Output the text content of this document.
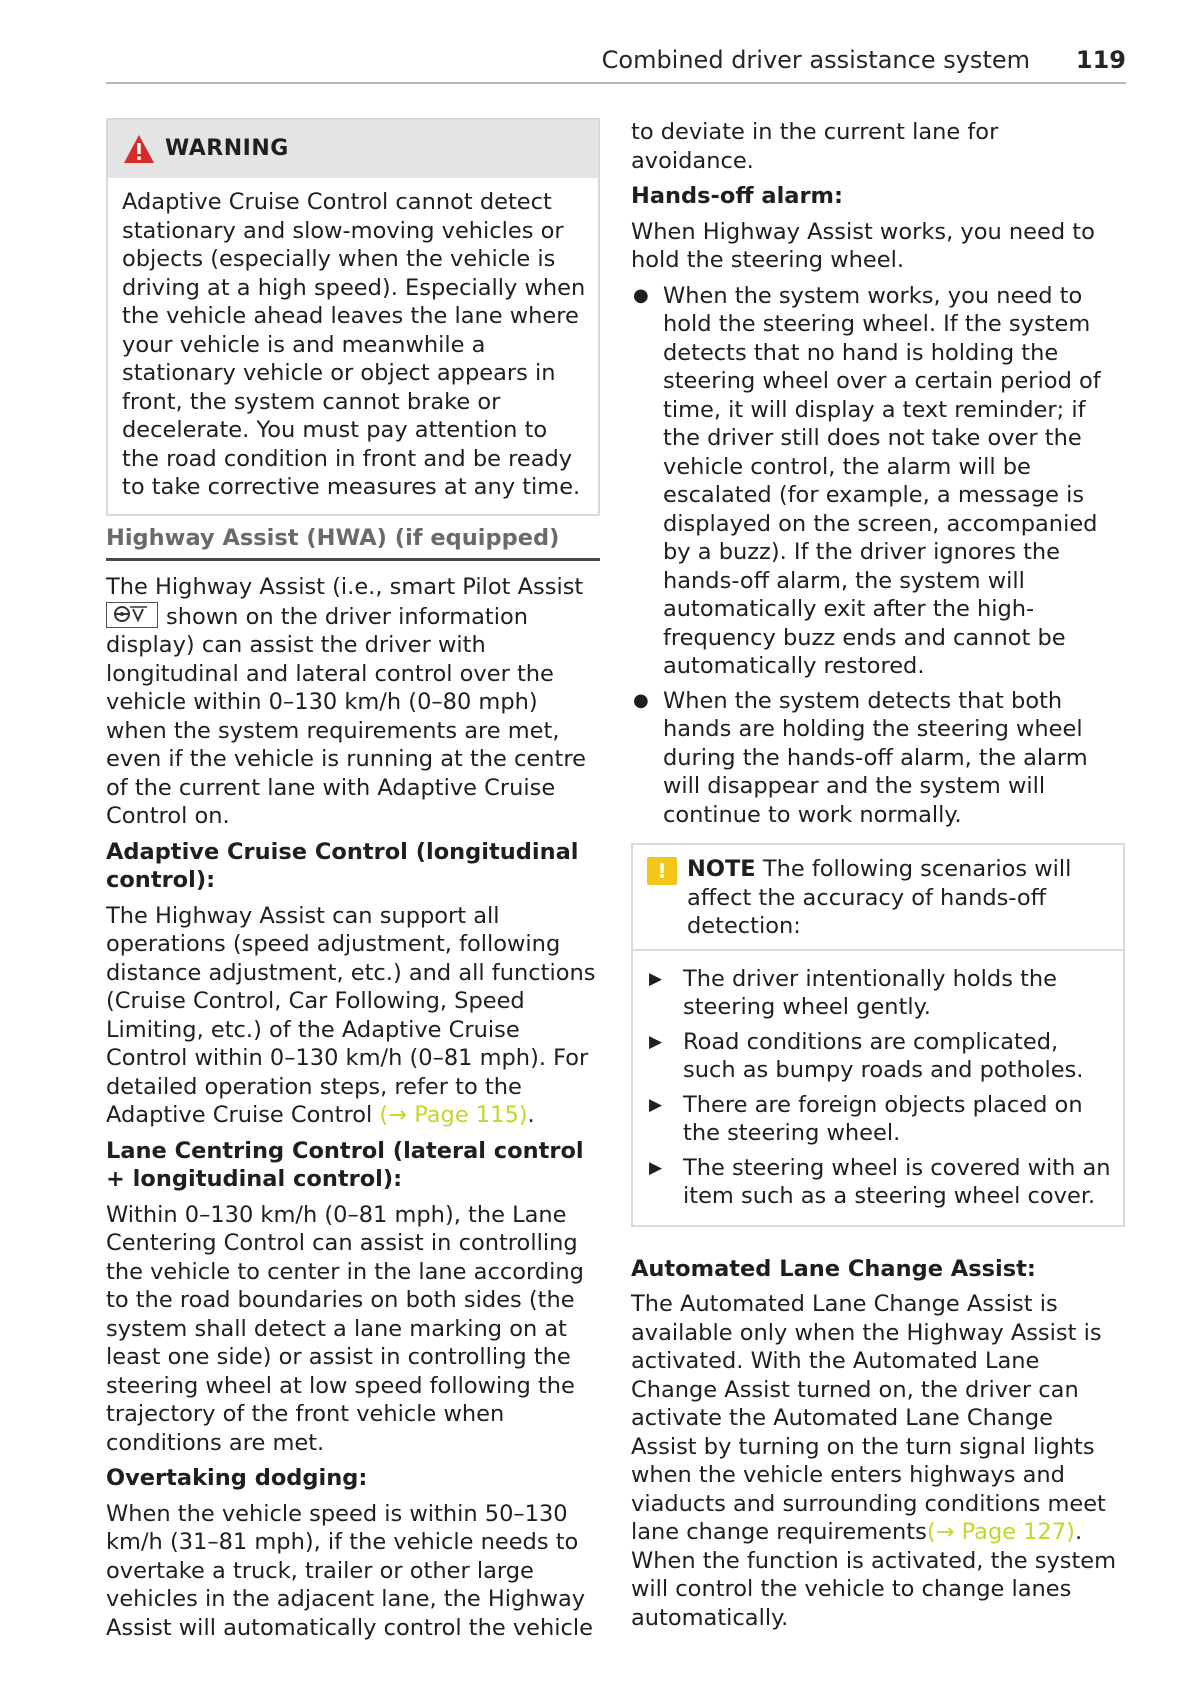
Combined driver assistance system 119
WARNING
Adaptive Cruise Control cannot detect stationary and slow-moving vehicles or objects (especially when the vehicle is driving at a high speed). Especially when the vehicle ahead leaves the lane where your vehicle is and meanwhile a stationary vehicle or object appears in front, the system cannot brake or decelerate. You must pay attention to the road condition in front and be ready to take corrective measures at any time.
Highway Assist (HWA) (if equipped)

The Highway Assist (i.e., smart Pilot Assist
shown on the driver information display) can assist the driver with longitudinal and lateral control over the vehicle within 0–130 km/h (0–80 mph) when the system requirements are met, even if the vehicle is running at the centre of the current lane with Adaptive Cruise Control on.

Adaptive Cruise Control (longitudinal control):

The Highway Assist can support all operations (speed adjustment, following distance adjustment, etc.) and all functions (Cruise Control, Car Following, Speed Limiting, etc.) of the Adaptive Cruise Control within 0–130 km/h (0–81 mph). For detailed operation steps, refer to the Adaptive Cruise Control (→ Page 115).

Lane Centring Control (lateral control + longitudinal control):

Within 0–130 km/h (0–81 mph), the Lane Centering Control can assist in controlling the vehicle to center in the lane according to the road boundaries on both sides (the system shall detect a lane marking on at least one side) or assist in controlling the steering wheel at low speed following the trajectory of the front vehicle when conditions are met.

Overtaking dodging:

When the vehicle speed is within 50–130 km/h (31–81 mph), if the vehicle needs to overtake a truck, trailer or other large vehicles in the adjacent lane, the Highway Assist will automatically control the vehicle

to deviate in the current lane for avoidance.

Hands-off alarm:

When Highway Assist works, you need to hold the steering wheel.

● When the system works, you need to hold the steering wheel. If the system detects that no hand is holding the steering wheel over a certain period of time, it will display a text reminder; if the driver still does not take over the vehicle control, the alarm will be escalated (for example, a message is displayed on the screen, accompanied by a buzz). If the driver ignores the hands-off alarm, the system will automatically exit after the high-frequency buzz ends and cannot be automatically restored.
● When the system detects that both hands are holding the steering wheel during the hands-off alarm, the alarm will disappear and the system will continue to work normally.
! NOTE The following scenarios will affect the accuracy of hands-off detection:
▶ The driver intentionally holds the steering wheel gently.
▶ Road conditions are complicated, such as bumpy roads and potholes.
▶ There are foreign objects placed on the steering wheel.
▶ The steering wheel is covered with an item such as a steering wheel cover.
Automated Lane Change Assist:

The Automated Lane Change Assist is available only when the Highway Assist is activated. With the Automated Lane Change Assist turned on, the driver can activate the Automated Lane Change Assist by turning on the turn signal lights when the vehicle enters highways and viaducts and surrounding conditions meet lane change requirements(→ Page 127). When the function is activated, the system will control the vehicle to change lanes automatically.
